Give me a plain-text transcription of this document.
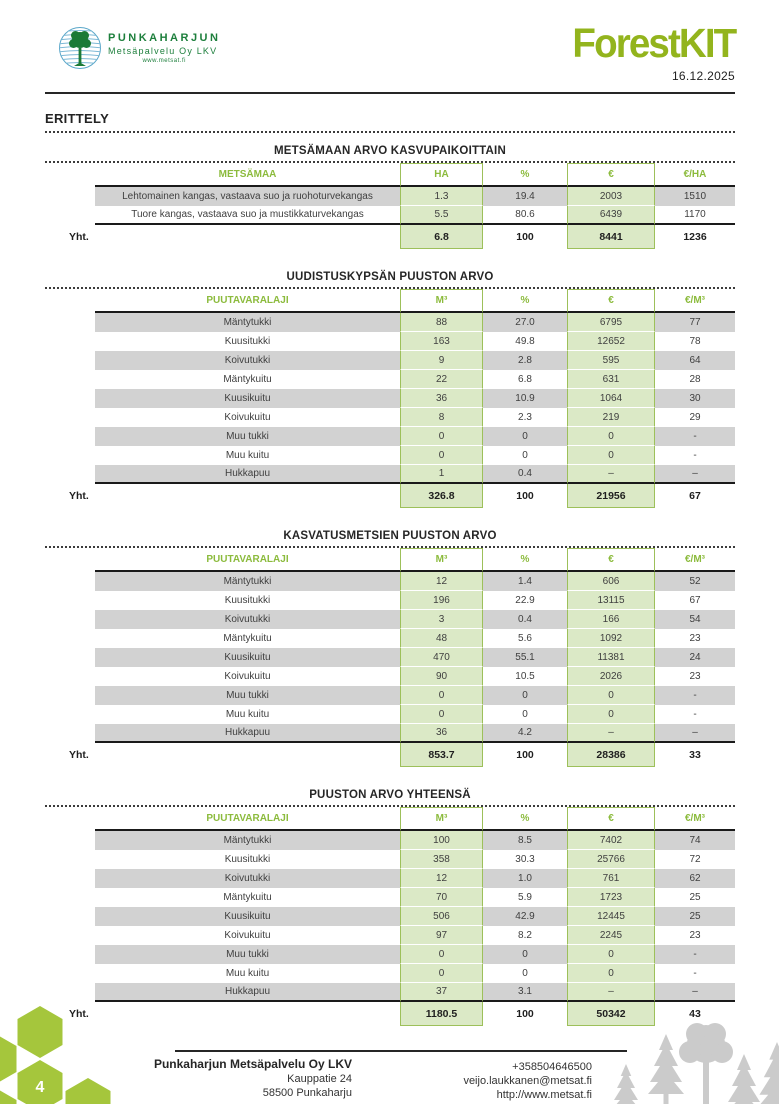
PUNKAHARJUN
Metsäpalvelu Oy LKV
www.metsat.fi	ForestKIT
16.12.2025
ERITTELY
METSÄMAAN ARVO KASVUPAIKOITTAIN
METSÄMAA	HA	%	€	€/HA
Lehtomainen kangas, vastaava suo ja ruohoturvekangas	1.3	19.4	2003	1510
Tuore kangas, vastaava suo ja mustikkaturvekangas	5.5	80.6	6439	1170
Yht.	6.8	100	8441	1236
UUDISTUSKYPSÄN PUUSTON ARVO
PUUTAVARALAJI	M³	%	€	€/M³
Mäntytukki	88	27.0	6795	77
Kuusitukki	163	49.8	12652	78
Koivutukki	9	2.8	595	64
Mäntykuitu	22	6.8	631	28
Kuusikuitu	36	10.9	1064	30
Koivukuitu	8	2.3	219	29
Muu tukki	0	0	0	-
Muu kuitu	0	0	0	-
Hukkapuu	1	0.4	–	–
Yht.	326.8	100	21956	67
KASVATUSMETSIEN PUUSTON ARVO
PUUTAVARALAJI	M³	%	€	€/M³
Mäntytukki	12	1.4	606	52
Kuusitukki	196	22.9	13115	67
Koivutukki	3	0.4	166	54
Mäntykuitu	48	5.6	1092	23
Kuusikuitu	470	55.1	11381	24
Koivukuitu	90	10.5	2026	23
Muu tukki	0	0	0	-
Muu kuitu	0	0	0	-
Hukkapuu	36	4.2	–	–
Yht.	853.7	100	28386	33
PUUSTON ARVO YHTEENSÄ
PUUTAVARALAJI	M³	%	€	€/M³
Mäntytukki	100	8.5	7402	74
Kuusitukki	358	30.3	25766	72
Koivutukki	12	1.0	761	62
Mäntykuitu	70	5.9	1723	25
Kuusikuitu	506	42.9	12445	25
Koivukuitu	97	8.2	2245	23
Muu tukki	0	0	0	-
Muu kuitu	0	0	0	-
Hukkapuu	37	3.1	–	–
Yht.	1180.5	100	50342	43
4
Punkaharjun Metsäpalvelu Oy LKV
Kauppatie 24
58500 Punkaharju
+358504646500
veijo.laukkanen@metsat.fi
http://www.metsat.fi
